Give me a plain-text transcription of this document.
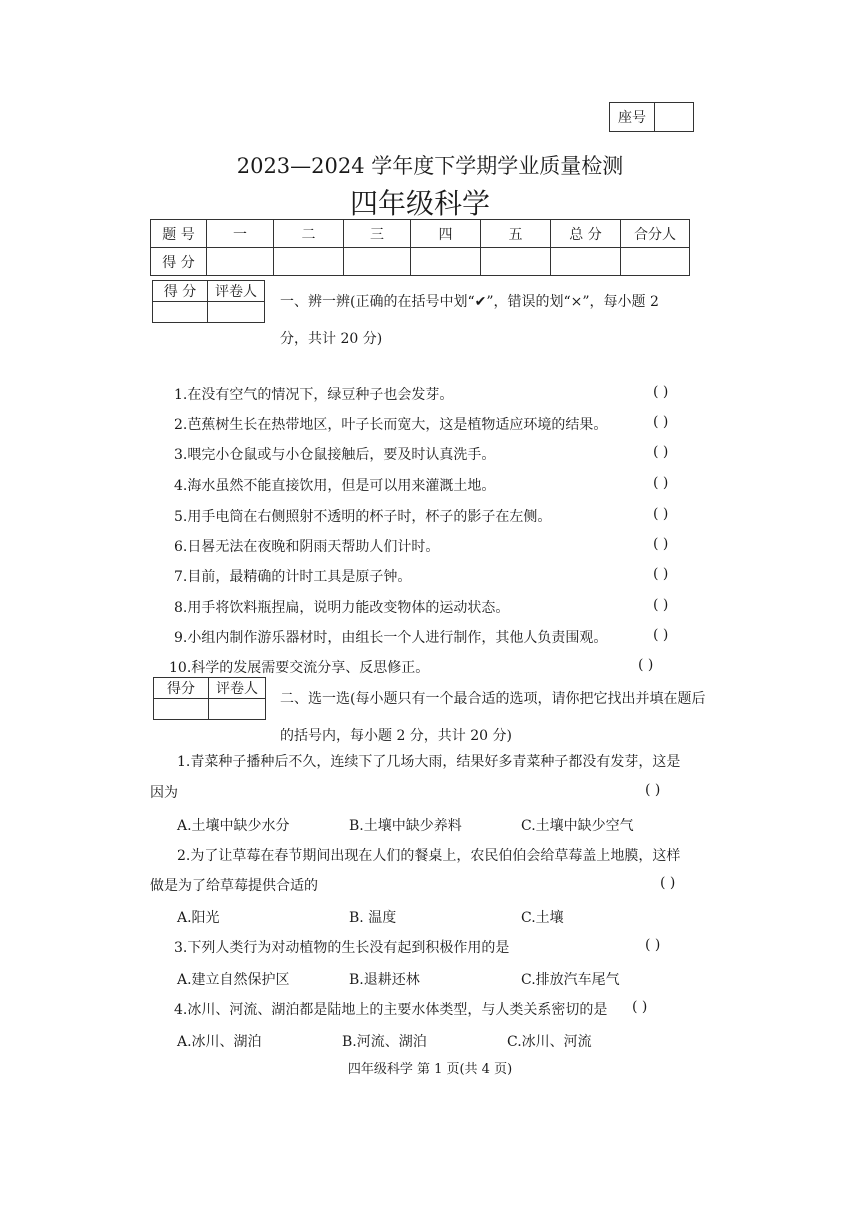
座号	
2023—2024 学年度下学期学业质量检测
四年级科学
题 号	一	二	三	四	五	总 分	合分人
得 分							
得 分	评卷人

一、辨一辨(正确的在括号中划“✔”，错误的划“×”，每小题 2
分，共计 20 分)
1.在没有空气的情况下，绿豆种子也会发芽。	( )
2.芭蕉树生长在热带地区，叶子长而宽大，这是植物适应环境的结果。	( )
3.喂完小仓鼠或与小仓鼠接触后，要及时认真洗手。	( )
4.海水虽然不能直接饮用，但是可以用来灌溉土地。	( )
5.用手电筒在右侧照射不透明的杯子时，杯子的影子在左侧。	( )
6.日晷无法在夜晚和阴雨天帮助人们计时。	( )
7.目前，最精确的计时工具是原子钟。	( )
8.用手将饮料瓶捏扁，说明力能改变物体的运动状态。	( )
9.小组内制作游乐器材时，由组长一个人进行制作，其他人负责围观。	( )
10.科学的发展需要交流分享、反思修正。	( )
得分	评卷人

二、选一选(每小题只有一个最合适的选项，请你把它找出并填在题后
的括号内，每小题 2 分，共计 20 分)
1.青菜种子播种后不久，连续下了几场大雨，结果好多青菜种子都没有发芽，这是
因为	( )
A.土壤中缺少水分	B.土壤中缺少养料	C.土壤中缺少空气
2.为了让草莓在春节期间出现在人们的餐桌上，农民伯伯会给草莓盖上地膜，这样
做是为了给草莓提供合适的	( )
A.阳光	B. 温度	C.土壤
3.下列人类行为对动植物的生长没有起到积极作用的是	( )
A.建立自然保护区	B.退耕还林	C.排放汽车尾气
4.冰川、河流、湖泊都是陆地上的主要水体类型，与人类关系密切的是 ( )
A.冰川、湖泊	B.河流、湖泊	C.冰川、河流
四年级科学 第 1 页(共 4 页)
